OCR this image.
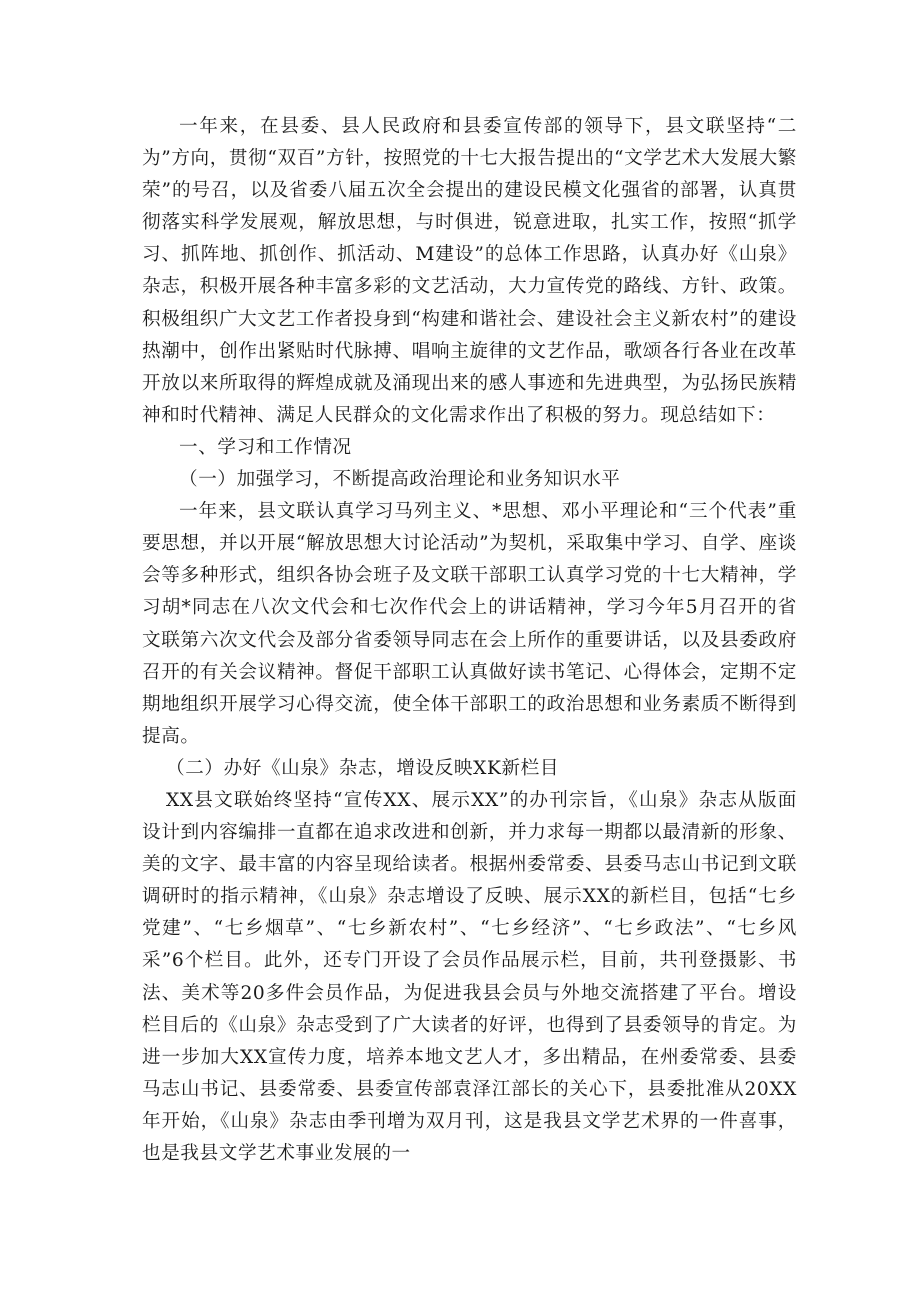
一年来，在县委、县人民政府和县委宣传部的领导下，县文联坚持“二为”方向，贯彻“双百”方针，按照党的十七大报告提出的“文学艺术大发展大繁荣”的号召，以及省委八届五次全会提出的建设民模文化强省的部署，认真贯彻落实科学发展观，解放思想，与时俱进，锐意进取，扎实工作，按照“抓学习、抓阵地、抓创作、抓活动、M建设”的总体工作思路，认真办好《山泉》杂志，积极开展各种丰富多彩的文艺活动，大力宣传党的路线、方针、政策。积极组织广大文艺工作者投身到“构建和谐社会、建设社会主义新农村”的建设热潮中，创作出紧贴时代脉搏、唱响主旋律的文艺作品，歌颂各行各业在改革开放以来所取得的辉煌成就及涌现出来的感人事迹和先进典型，为弘扬民族精神和时代精神、满足人民群众的文化需求作出了积极的努力。现总结如下：

一、学习和工作情况

（一）加强学习，不断提高政治理论和业务知识水平

一年来，县文联认真学习马列主义、*思想、邓小平理论和“三个代表”重要思想，并以开展“解放思想大讨论活动”为契机，采取集中学习、自学、座谈会等多种形式，组织各协会班子及文联干部职工认真学习党的十七大精神，学习胡*同志在八次文代会和七次作代会上的讲话精神，学习今年5月召开的省文联第六次文代会及部分省委领导同志在会上所作的重要讲话，以及县委政府召开的有关会议精神。督促干部职工认真做好读书笔记、心得体会，定期不定期地组织开展学习心得交流，使全体干部职工的政治思想和业务素质不断得到提高。

（二）办好《山泉》杂志，增设反映XK新栏目

XX县文联始终坚持“宣传XX、展示XX”的办刊宗旨，《山泉》杂志从版面设计到内容编排一直都在追求改进和创新，并力求每一期都以最清新的形象、美的文字、最丰富的内容呈现给读者。根据州委常委、县委马志山书记到文联调研时的指示精神，《山泉》杂志增设了反映、展示XX的新栏目，包括“七乡党建”、“七乡烟草”、“七乡新农村”、“七乡经济”、“七乡政法”、“七乡风采”6个栏目。此外，还专门开设了会员作品展示栏，目前，共刊登摄影、书法、美术等20多件会员作品，为促进我县会员与外地交流搭建了平台。增设栏目后的《山泉》杂志受到了广大读者的好评，也得到了县委领导的肯定。为进一步加大XX宣传力度，培养本地文艺人才，多出精品，在州委常委、县委马志山书记、县委常委、县委宣传部袁泽江部长的关心下，县委批准从20XX年开始，《山泉》杂志由季刊增为双月刊，这是我县文学艺术界的一件喜事，也是我县文学艺术事业发展的一
